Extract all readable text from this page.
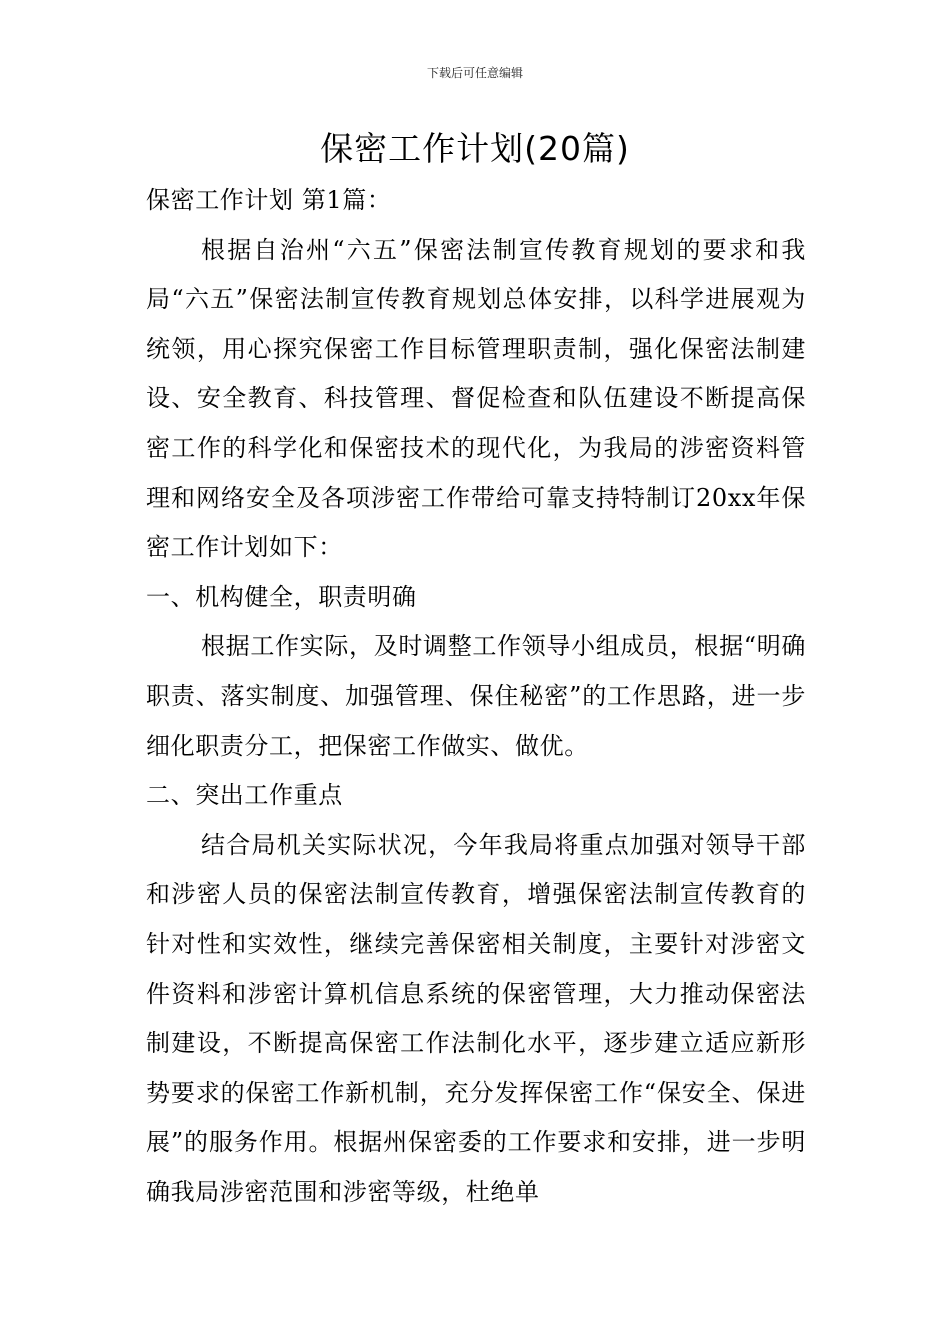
下载后可任意编辑
保密工作计划(20篇)

保密工作计划 第1篇：

根据自治州“六五”保密法制宣传教育规划的要求和我局“六五”保密法制宣传教育规划总体安排，以科学进展观为统领，用心探究保密工作目标管理职责制，强化保密法制建设、安全教育、科技管理、督促检查和队伍建设不断提高保密工作的科学化和保密技术的现代化，为我局的涉密资料管理和网络安全及各项涉密工作带给可靠支持特制订20xx年保密工作计划如下：

一、机构健全，职责明确

根据工作实际，及时调整工作领导小组成员，根据“明确职责、落实制度、加强管理、保住秘密”的工作思路，进一步细化职责分工，把保密工作做实、做优。

二、突出工作重点

结合局机关实际状况，今年我局将重点加强对领导干部和涉密人员的保密法制宣传教育，增强保密法制宣传教育的针对性和实效性，继续完善保密相关制度，主要针对涉密文件资料和涉密计算机信息系统的保密管理，大力推动保密法制建设，不断提高保密工作法制化水平，逐步建立适应新形势要求的保密工作新机制，充分发挥保密工作“保安全、保进展”的服务作用。根据州保密委的工作要求和安排，进一步明确我局涉密范围和涉密等级，杜绝单
